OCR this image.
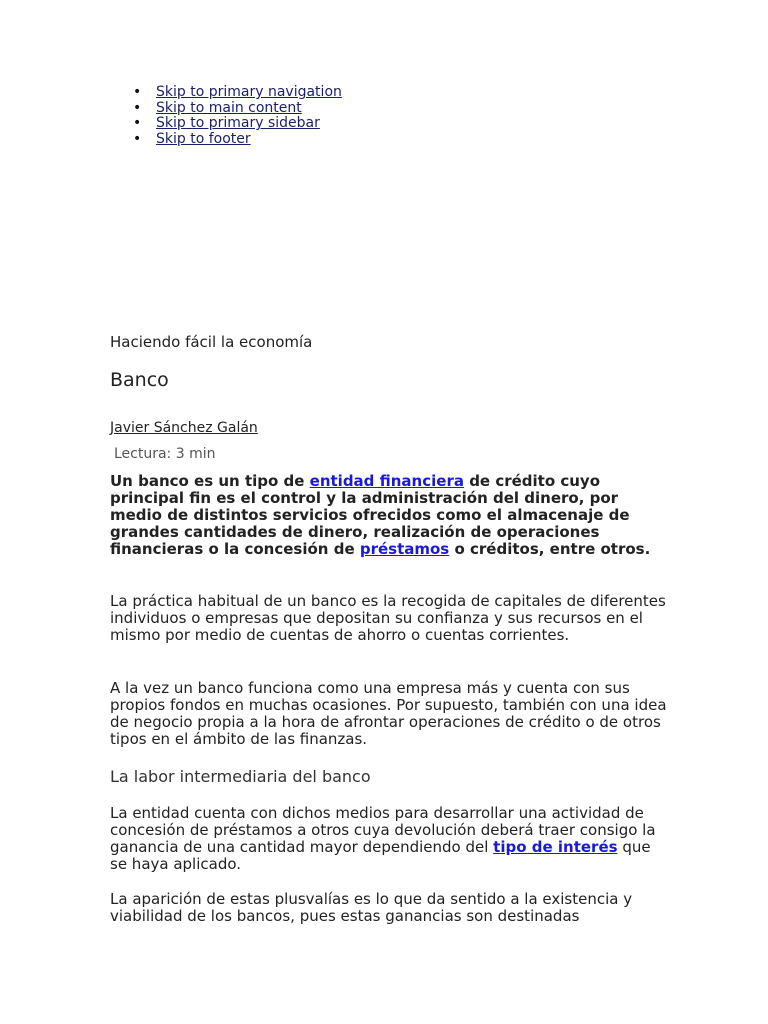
• Skip to primary navigation
• Skip to main content
• Skip to primary sidebar
• Skip to footer
Haciendo fácil la economía
Banco
Javier Sánchez Galán
Lectura: 3 min

Un banco es un tipo de entidad financiera de crédito cuyo principal fin es el control y la administración del dinero, por medio de distintos servicios ofrecidos como el almacenaje de grandes cantidades de dinero, realización de operaciones financieras o la concesión de préstamos o créditos, entre otros.

La práctica habitual de un banco es la recogida de capitales de diferentes individuos o empresas que depositan su confianza y sus recursos en el mismo por medio de cuentas de ahorro o cuentas corrientes.

A la vez un banco funciona como una empresa más y cuenta con sus propios fondos en muchas ocasiones. Por supuesto, también con una idea de negocio propia a la hora de afrontar operaciones de crédito o de otros tipos en el ámbito de las finanzas.

La labor intermediaria del banco

La entidad cuenta con dichos medios para desarrollar una actividad de concesión de préstamos a otros cuya devolución deberá traer consigo la ganancia de una cantidad mayor dependiendo del tipo de interés que se haya aplicado.

La aparición de estas plusvalías es lo que da sentido a la existencia y viabilidad de los bancos, pues estas ganancias son destinadas
